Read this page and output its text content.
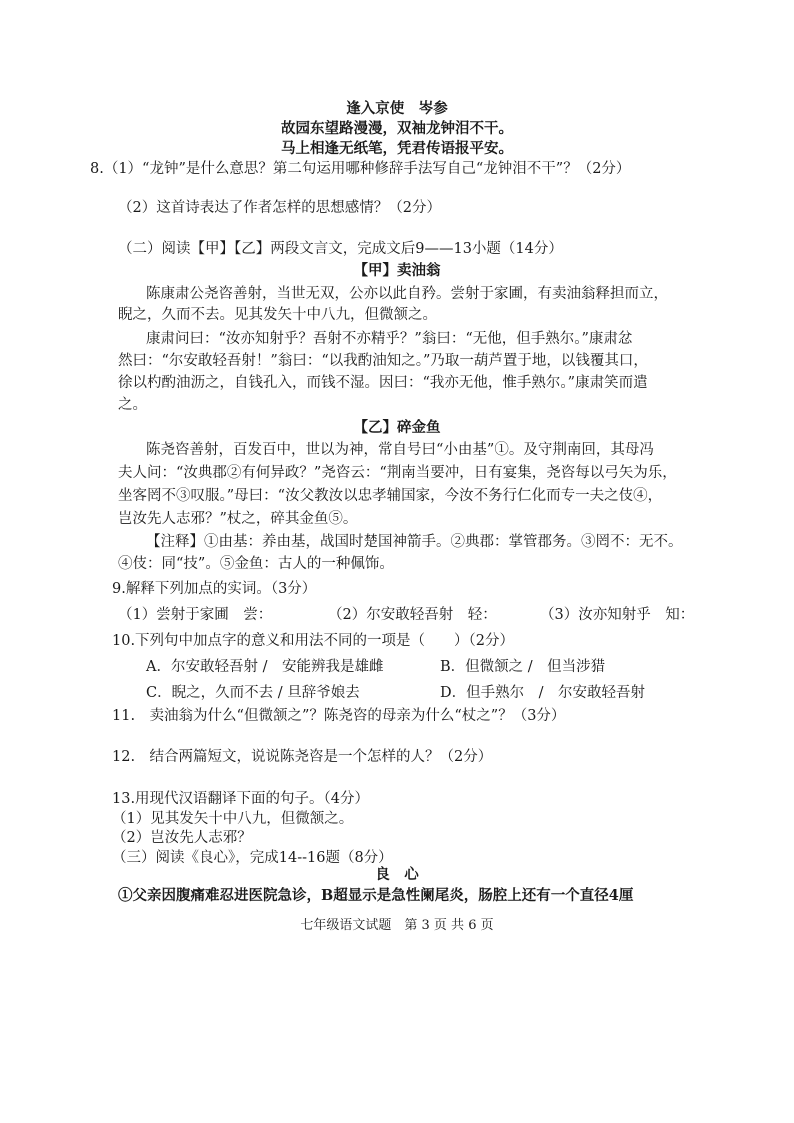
逢入京使　岑参
故园东望路漫漫，双袖龙钟泪不干。
马上相逢无纸笔，凭君传语报平安。
8.（1）“龙钟”是什么意思？第二句运用哪种修辞手法写自己“龙钟泪不干”？（2分）
（2）这首诗表达了作者怎样的思想感情？（2分）
（二）阅读【甲】【乙】两段文言文，完成文后9——13小题（14分）
【甲】卖油翁
陈康肃公尧咨善射，当世无双，公亦以此自矜。尝射于家圃，有卖油翁释担而立，
睨之，久而不去。见其发矢十中八九，但微颔之。
康肃问曰：“汝亦知射乎？吾射不亦精乎？”翁曰：“无他，但手熟尔。”康肃忿
然曰：“尔安敢轻吾射！”翁曰：“以我酌油知之。”乃取一葫芦置于地，以钱覆其口，
徐以杓酌油沥之，自钱孔入，而钱不湿。因曰：“我亦无他，惟手熟尔。”康肃笑而遣
之。
【乙】碎金鱼
陈尧咨善射，百发百中，世以为神，常自号曰“小由基”①。及守荆南回，其母冯
夫人问：“汝典郡②有何异政？”尧咨云：“荆南当要冲，日有宴集，尧咨每以弓矢为乐，
坐客罔不③叹服。”母曰：“汝父教汝以忠孝辅国家，今汝不务行仁化而专一夫之伎④，
岂汝先人志邪？”杖之，碎其金鱼⑤。
【注释】①由基：养由基，战国时楚国神箭手。②典郡：掌管郡务。③罔不：无不。
④伎：同“技”。⑤金鱼：古人的一种佩饰。
9.解释下列加点的实词。（3分）
（1）尝射于家圃　尝：	（2）尔安敢轻吾射　轻：	（3）汝亦知射乎　知：
10.下列句中加点字的意义和用法不同的一项是（　　）（2分）
A．尔安敢轻吾射 /　安能辨我是雄雌	B．但微颔之 /　但当涉猎
C．睨之，久而不去 / 旦辞爷娘去	D．但手熟尔　/　尔安敢轻吾射
11.　卖油翁为什么“但微颔之”？陈尧咨的母亲为什么“杖之”？（3分）
12.　结合两篇短文，说说陈尧咨是一个怎样的人？（2分）
13.用现代汉语翻译下面的句子。（4分）
（1）见其发矢十中八九，但微颔之。
（2）岂汝先人志邪？
（三）阅读《良心》，完成14--16题（8分）
良　心
①父亲因腹痛难忍进医院急诊，B超显示是急性阑尾炎，肠腔上还有一个直径4厘
七年级语文试题　第 3 页 共 6 页
